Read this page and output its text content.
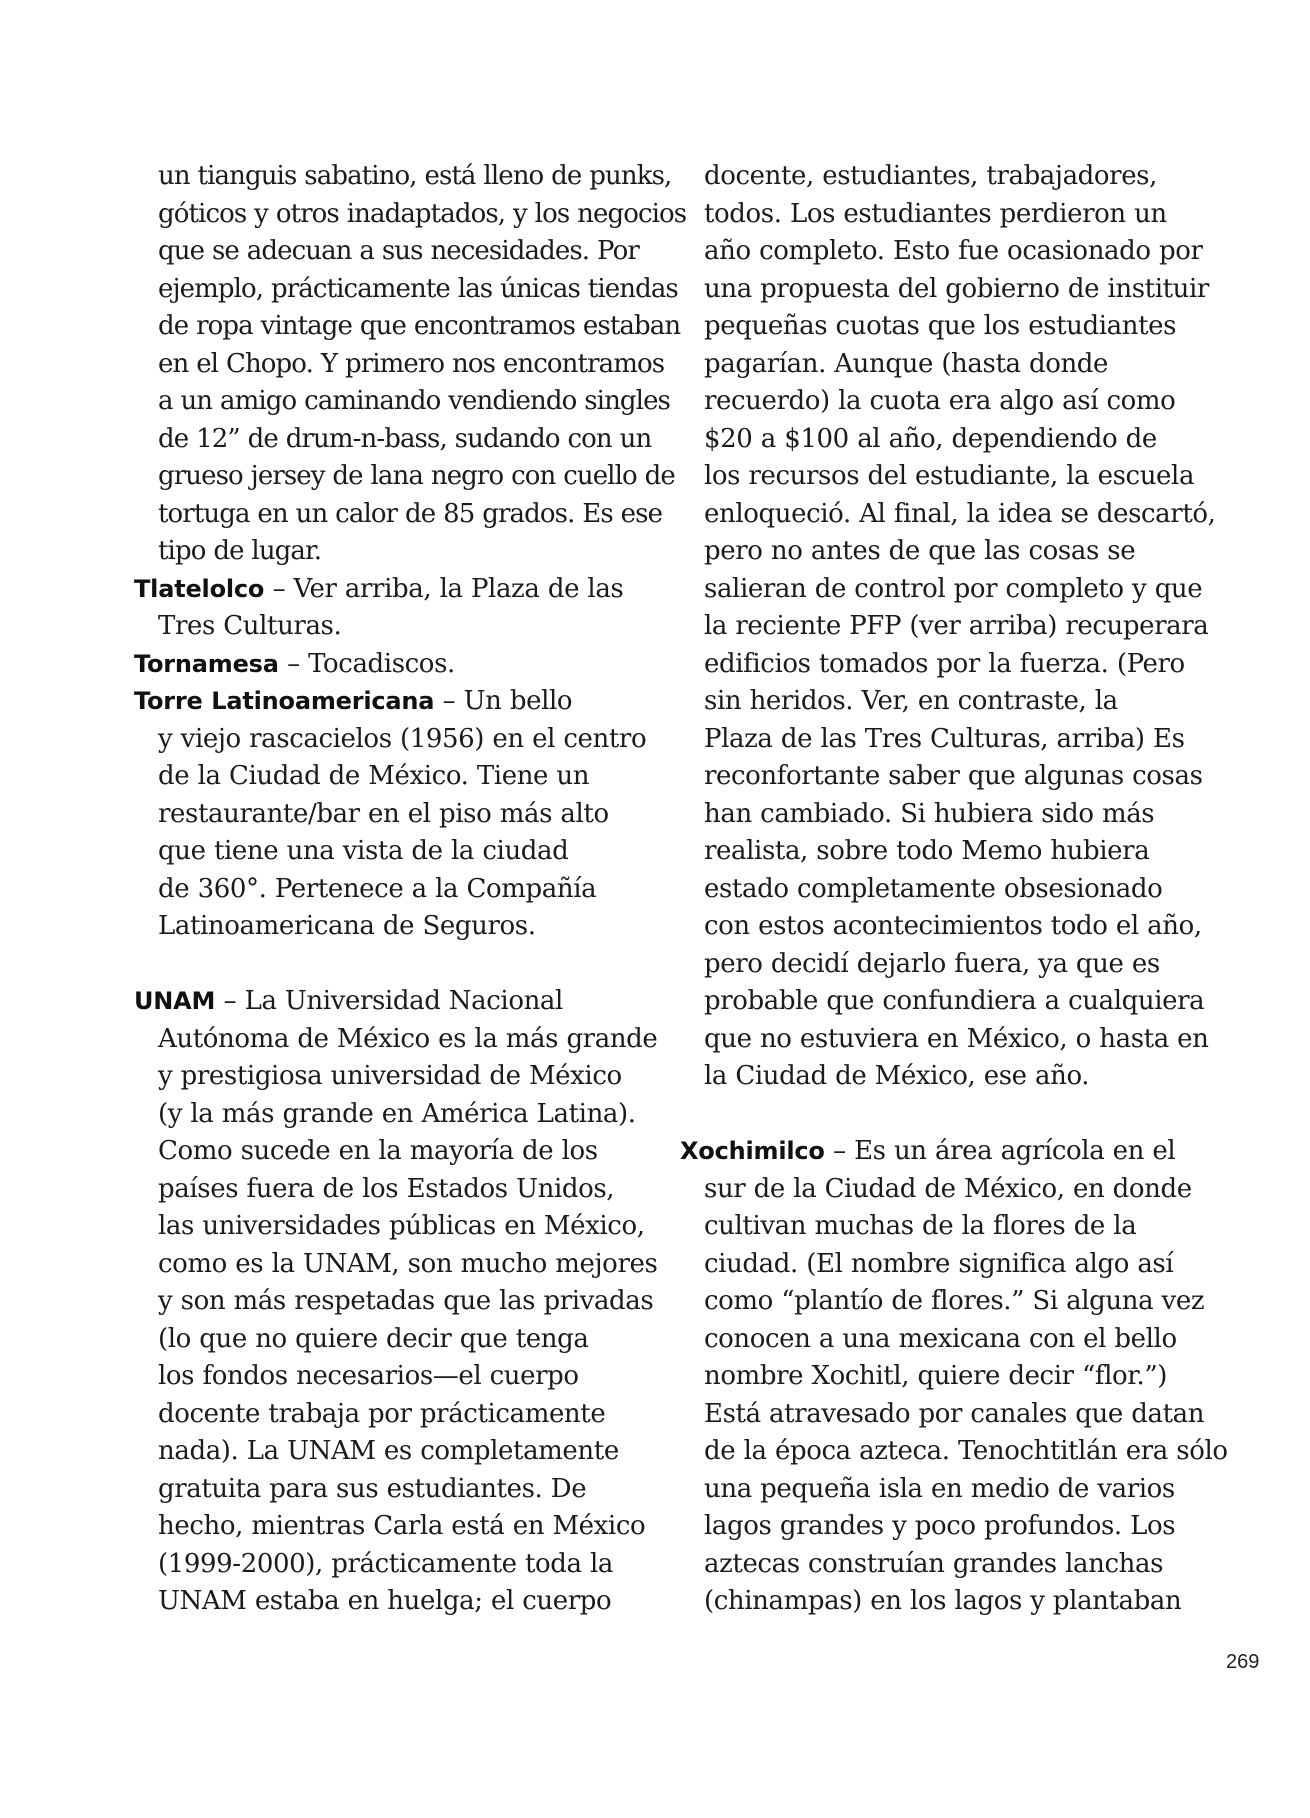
un tianguis sabatino, está lleno de punks,
góticos y otros inadaptados, y los negocios
que se adecuan a sus necesidades. Por
ejemplo, prácticamente las únicas tiendas
de ropa vintage que encontramos estaban
en el Chopo. Y primero nos encontramos
a un amigo caminando vendiendo singles
de 12” de drum-n-bass, sudando con un
grueso jersey de lana negro con cuello de
tortuga en un calor de 85 grados. Es ese
tipo de lugar.
Tlatelolco – Ver arriba, la Plaza de las
Tres Culturas.
Tornamesa – Tocadiscos.
Torre Latinoamericana – Un bello
y viejo rascacielos (1956) en el centro
de la Ciudad de México. Tiene un
restaurante/bar en el piso más alto
que tiene una vista de la ciudad
de 360°. Pertenece a la Compañía
Latinoamericana de Seguros.
UNAM – La Universidad Nacional
Autónoma de México es la más grande
y prestigiosa universidad de México
(y la más grande en América Latina).
Como sucede en la mayoría de los
países fuera de los Estados Unidos,
las universidades públicas en México,
como es la UNAM, son mucho mejores
y son más respetadas que las privadas
(lo que no quiere decir que tenga
los fondos necesarios—el cuerpo
docente trabaja por prácticamente
nada). La UNAM es completamente
gratuita para sus estudiantes. De
hecho, mientras Carla está en México
(1999-2000), prácticamente toda la
UNAM estaba en huelga; el cuerpo
docente, estudiantes, trabajadores,
todos. Los estudiantes perdieron un
año completo. Esto fue ocasionado por
una propuesta del gobierno de instituir
pequeñas cuotas que los estudiantes
pagarían. Aunque (hasta donde
recuerdo) la cuota era algo así como
$20 a $100 al año, dependiendo de
los recursos del estudiante, la escuela
enloqueció. Al final, la idea se descartó,
pero no antes de que las cosas se
salieran de control por completo y que
la reciente PFP (ver arriba) recuperara
edificios tomados por la fuerza. (Pero
sin heridos. Ver, en contraste, la
Plaza de las Tres Culturas, arriba) Es
reconfortante saber que algunas cosas
han cambiado. Si hubiera sido más
realista, sobre todo Memo hubiera
estado completamente obsesionado
con estos acontecimientos todo el año,
pero decidí dejarlo fuera, ya que es
probable que confundiera a cualquiera
que no estuviera en México, o hasta en
la Ciudad de México, ese año.
Xochimilco – Es un área agrícola en el
sur de la Ciudad de México, en donde
cultivan muchas de la flores de la
ciudad. (El nombre significa algo así
como “plantío de flores.” Si alguna vez
conocen a una mexicana con el bello
nombre Xochitl, quiere decir “flor.”)
Está atravesado por canales que datan
de la época azteca. Tenochtitlán era sólo
una pequeña isla en medio de varios
lagos grandes y poco profundos. Los
aztecas construían grandes lanchas
(chinampas) en los lagos y plantaban
269
